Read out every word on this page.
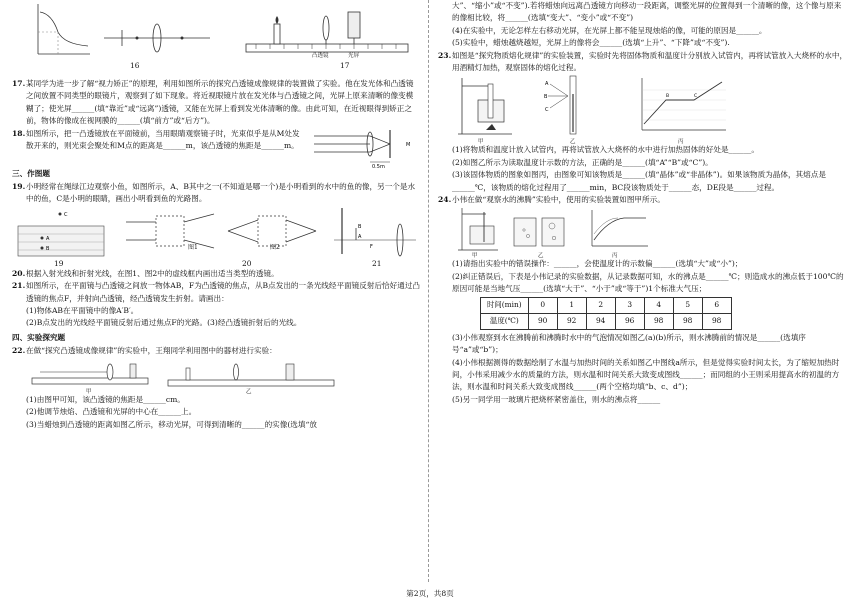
16
凸透镜	光屏
17
17. 某同学为进一步了解“视力矫正”的原理，利用如图所示的探究凸透镜成像规律的装置做了实验。他在发光体和凸透镜之间放置不同类型的眼镜片，观察到了如下现象。将近视眼镜片放在发光体与凸透镜之间，光屏上原来清晰的像变模糊了；使光屏______(填“靠近”或“远离”)透镜，又能在光屏上看到发光体清晰的像。由此可知，在近视眼得到矫正之前，物体的像成在视网膜的______(填“前方”或“后方”)。

18. 如图所示，把一凸透镜放在平面镜前，当用眼睛观察镜子时，光束似乎是从M处发散开来的，则光束会聚处和M点的距离是______m，该凸透镜的焦距是______m。

0.5m
M
三、作图题
19. 小明经常在绳绿江边观察小鱼，如图所示，A、B其中之一(不知道是哪一个)是小明看到的水中的鱼的像，另一个是水中的鱼，C是小明的眼睛，画出小明看到鱼的光路图。

C
A
B	图1	图2
B
A
F
19	20	21
20. 根据入射光线和折射光线，在图1、图2中的虚线框内画出适当类型的透镜。

21. 如图所示，在平面镜与凸透镜之间放一物体AB，F为凸透镜的焦点，从B点发出的一条光线经平面镜反射后恰好通过凸透镜的焦点F，并射向凸透镜，经凸透镜发生折射。请画出：

(1)物体AB在平面镜中的像A′B′。

(2)B点发出的光线经平面镜反射后通过焦点F的光路。(3)经凸透镜折射后的光线。

四、实验探究题
22. 在做“探究凸透镜成像规律”的实验中，王翔同学利用图中的器材进行实验：

甲	乙

(1)由图甲可知，该凸透镜的焦距是______cm。

(2)他调节烛焰、凸透镜和光屏的中心在______上。

(3)当蜡烛到凸透镜的距离如图乙所示，移动光屏，可得到清晰的______的实像(选填“放

大”、“缩小”或“不变”).若将蜡烛向远离凸透镜方向移动一段距离，调整光屏的位置得到一个清晰的像，这个像与原来的像相比较，将______(选填“变大”、“变小”或“不变”)

(4)在实验中，无论怎样左右移动光屏，在光屏上都不能呈现烛焰的像，可能的原因是______。

(5)实验中，蜡烛越烧越短，光屏上的像将会______(选填“上升”、“下降”或“不变”).

23. 如图是“探究物质熔化规律”的实验装置，实验时先将固体物质和温度计分别放入试管内，再将试管放入大烧杯的水中，用酒精灯加热，观察固体的熔化过程。

甲
A
B
C
乙
B	C
丙

(1)将物质和温度计放入试管内，再将试管放入大烧杯的水中进行加热固体的好处是______。

(2)如图乙所示为读取温度计示数的方法，正确的是______(填“A”“B”或“C”)。

(3)该固体物质的图象如图丙，由图象可知该物质是______(填“晶体”或“非晶体”)。如果该物质为晶体，其熔点是______℃，该物质的熔化过程用了______min，BC段该物质处于______态，DE段是______过程。

24. 小伟在做“观察水的沸腾”实验中，使用的实验装置如图甲所示。

甲	乙	丙

(1)请指出实验中的错误操作：______，会使温度计的示数偏______(选填“大”或“小”)；

(2)纠正错误后，下表是小伟记录的实验数据，从记录数据可知，水的沸点是______℃；则造成水的沸点低于100℃的原因可能是当地气压______(选填“大于”、“小于”或“等于”)1个标准大气压；

时间(min)	0	1	2	3	4	5	6
温度(℃)	90	92	94	96	98	98	98

(3)小伟观察到水在沸腾前和沸腾时水中的气泡情况如图乙(a)(b)所示，则水沸腾前的情况是______(选填序号“a”或“b”)；

(4)小伟根据测得的数据绘制了水温与加热时间的关系如图乙中图线a所示，但是觉得实验时间太长，为了缩短加热时间，小伟采用减少水的质量的方法，则水温和时间关系大致变成图线______；而同组的小王则采用提高水的初温的方法，则水温和时间关系大致变成图线______(两个空格均填“b、c、d”)；

(5)另一同学用一玻璃片把烧杯紧密盖住，则水的沸点将______

第2页，共8页
